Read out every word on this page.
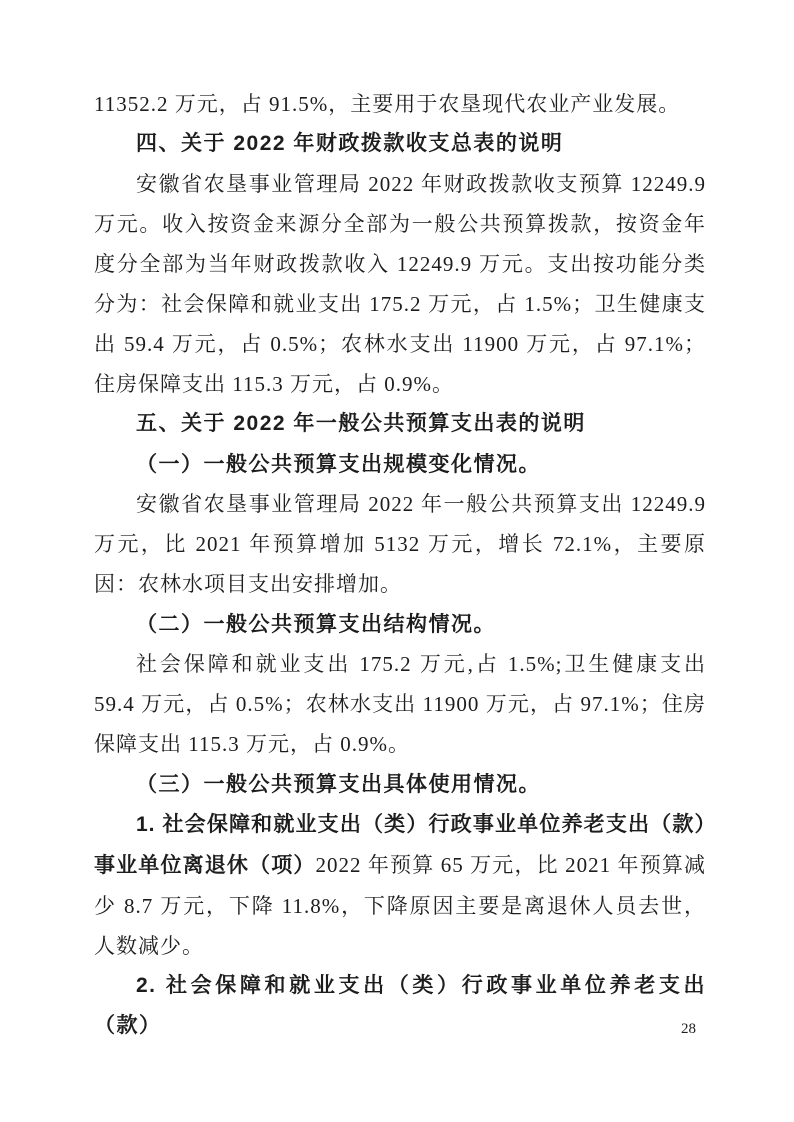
11352.2 万元，占 91.5%，主要用于农垦现代农业产业发展。

四、关于 2022 年财政拨款收支总表的说明

安徽省农垦事业管理局 2022 年财政拨款收支预算 12249.9 万元。收入按资金来源分全部为一般公共预算拨款，按资金年度分全部为当年财政拨款收入 12249.9 万元。支出按功能分类分为：社会保障和就业支出 175.2 万元，占 1.5%；卫生健康支出 59.4 万元，占 0.5%；农林水支出 11900 万元，占 97.1%；住房保障支出 115.3 万元，占 0.9%。

五、关于 2022 年一般公共预算支出表的说明

（一）一般公共预算支出规模变化情况。

安徽省农垦事业管理局 2022 年一般公共预算支出 12249.9 万元，比 2021 年预算增加 5132 万元，增长 72.1%，主要原因：农林水项目支出安排增加。

（二）一般公共预算支出结构情况。

社会保障和就业支出 175.2 万元,占 1.5%;卫生健康支出 59.4 万元，占 0.5%；农林水支出 11900 万元，占 97.1%；住房保障支出 115.3 万元，占 0.9%。

（三）一般公共预算支出具体使用情况。

1. 社会保障和就业支出（类）行政事业单位养老支出（款）事业单位离退休（项）2022 年预算 65 万元，比 2021 年预算减少 8.7 万元，下降 11.8%，下降原因主要是离退休人员去世，人数减少。

2. 社会保障和就业支出（类）行政事业单位养老支出（款）	28
